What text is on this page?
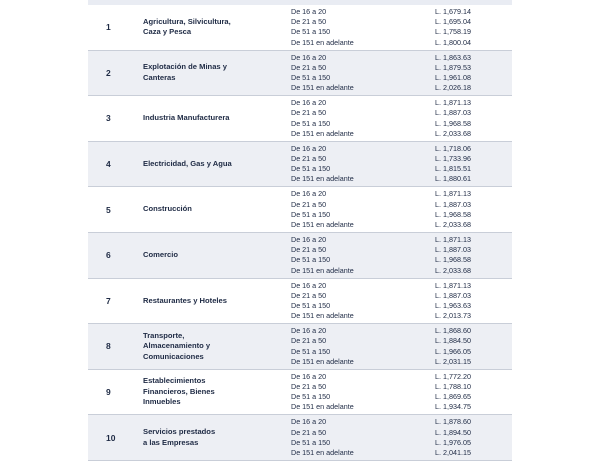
1
Agricultura, Silvicultura,
Caza y Pesca
De 16 a 20	L. 1,679.14
De 21 a 50	L. 1,695.04
De 51 a 150	L. 1,758.19
De 151 en adelante	L. 1,800.04
2
Explotación de Minas y
Canteras
De 16 a 20	L. 1,863.63
De 21 a 50	L. 1,879.53
De 51 a 150	L. 1,961.08
De 151 en adelante	L. 2,026.18
3	Industria Manufacturera
De 16 a 20	L. 1,871.13
De 21 a 50	L. 1,887.03
De 51 a 150	L. 1,968.58
De 151 en adelante	L. 2,033.68
4	Electricidad, Gas y Agua
De 16 a 20	L. 1,718.06
De 21 a 50	L. 1,733.96
De 51 a 150	L. 1,815.51
De 151 en adelante	L. 1,880.61
5	Construcción
De 16 a 20	L. 1,871.13
De 21 a 50	L. 1,887.03
De 51 a 150	L. 1,968.58
De 151 en adelante	L. 2,033.68
6	Comercio
De 16 a 20	L. 1,871.13
De 21 a 50	L. 1,887.03
De 51 a 150	L. 1,968.58
De 151 en adelante	L. 2,033.68
7	Restaurantes y Hoteles
De 16 a 20	L. 1,871.13
De 21 a 50	L. 1,887.03
De 51 a 150	L. 1,963.63
De 151 en adelante	L. 2,013.73
8
Transporte,
Almacenamiento y
Comunicaciones
De 16 a 20	L. 1,868.60
De 21 a 50	L. 1,884.50
De 51 a 150	L. 1,966.05
De 151 en adelante	L. 2,031.15
9
Establecimientos
Financieros, Bienes
Inmuebles
De 16 a 20	L. 1,772.20
De 21 a 50	L. 1,788.10
De 51 a 150	L. 1,869.65
De 151 en adelante	L. 1,934.75
10
Servicios prestados
a las Empresas
De 16 a 20	L. 1,878.60
De 21 a 50	L. 1,894.50
De 51 a 150	L. 1,976.05
De 151 en adelante	L. 2,041.15
